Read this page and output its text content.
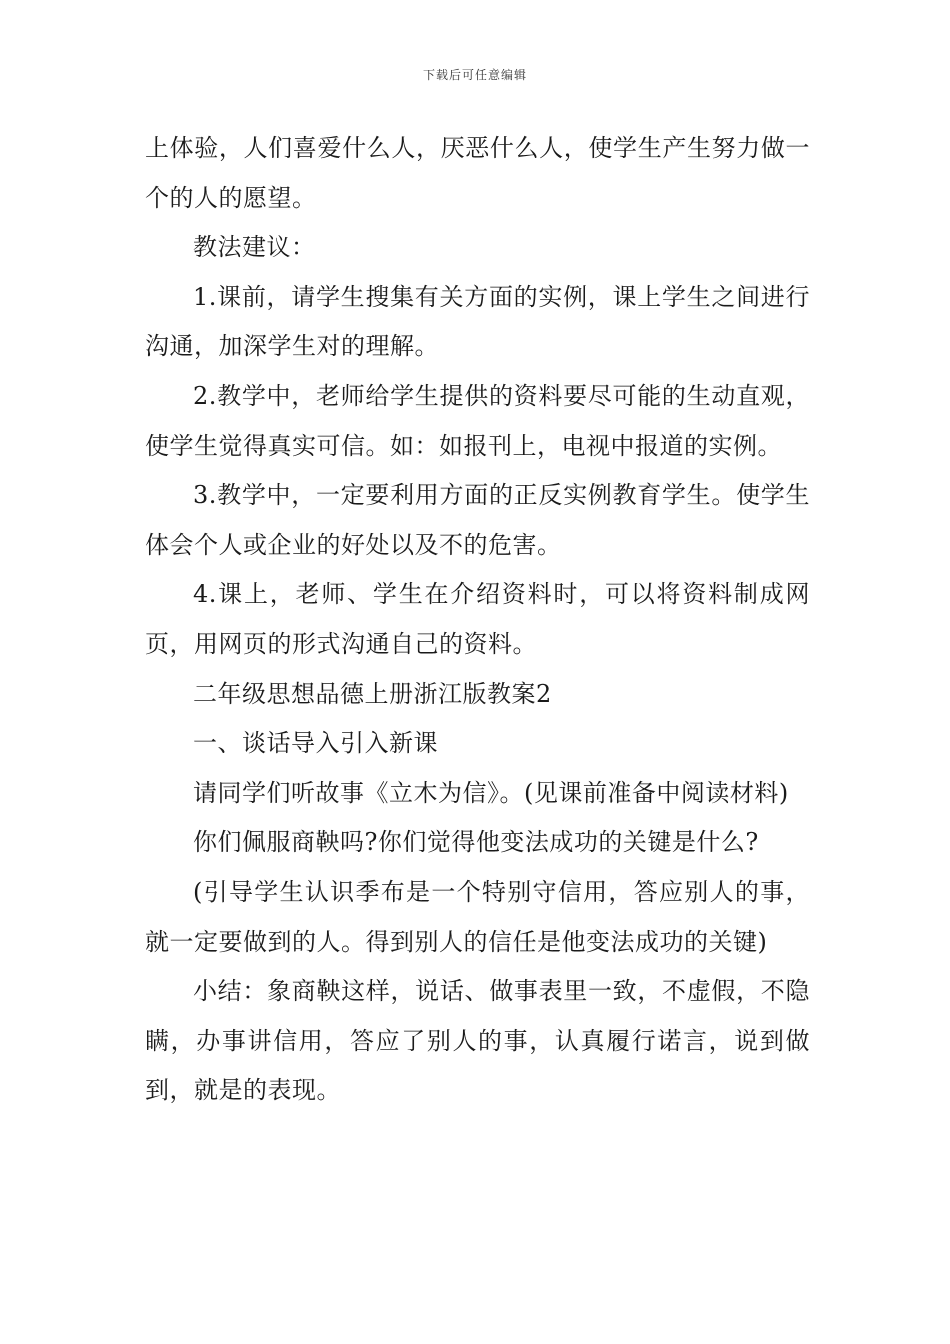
下载后可任意编辑

上体验，人们喜爱什么人，厌恶什么人，使学生产生努力做一个的人的愿望。

教法建议：

1.课前，请学生搜集有关方面的实例，课上学生之间进行沟通，加深学生对的理解。

2.教学中，老师给学生提供的资料要尽可能的生动直观，使学生觉得真实可信。如：如报刊上，电视中报道的实例。

3.教学中，一定要利用方面的正反实例教育学生。使学生体会个人或企业的好处以及不的危害。

4.课上，老师、学生在介绍资料时，可以将资料制成网页，用网页的形式沟通自己的资料。

二年级思想品德上册浙江版教案2

一、谈话导入引入新课

请同学们听故事《立木为信》。(见课前准备中阅读材料)

你们佩服商鞅吗?你们觉得他变法成功的关键是什么?

(引导学生认识季布是一个特别守信用，答应别人的事，就一定要做到的人。得到别人的信任是他变法成功的关键)

小结：象商鞅这样，说话、做事表里一致，不虚假，不隐瞒，办事讲信用，答应了别人的事，认真履行诺言，说到做到，就是的表现。
